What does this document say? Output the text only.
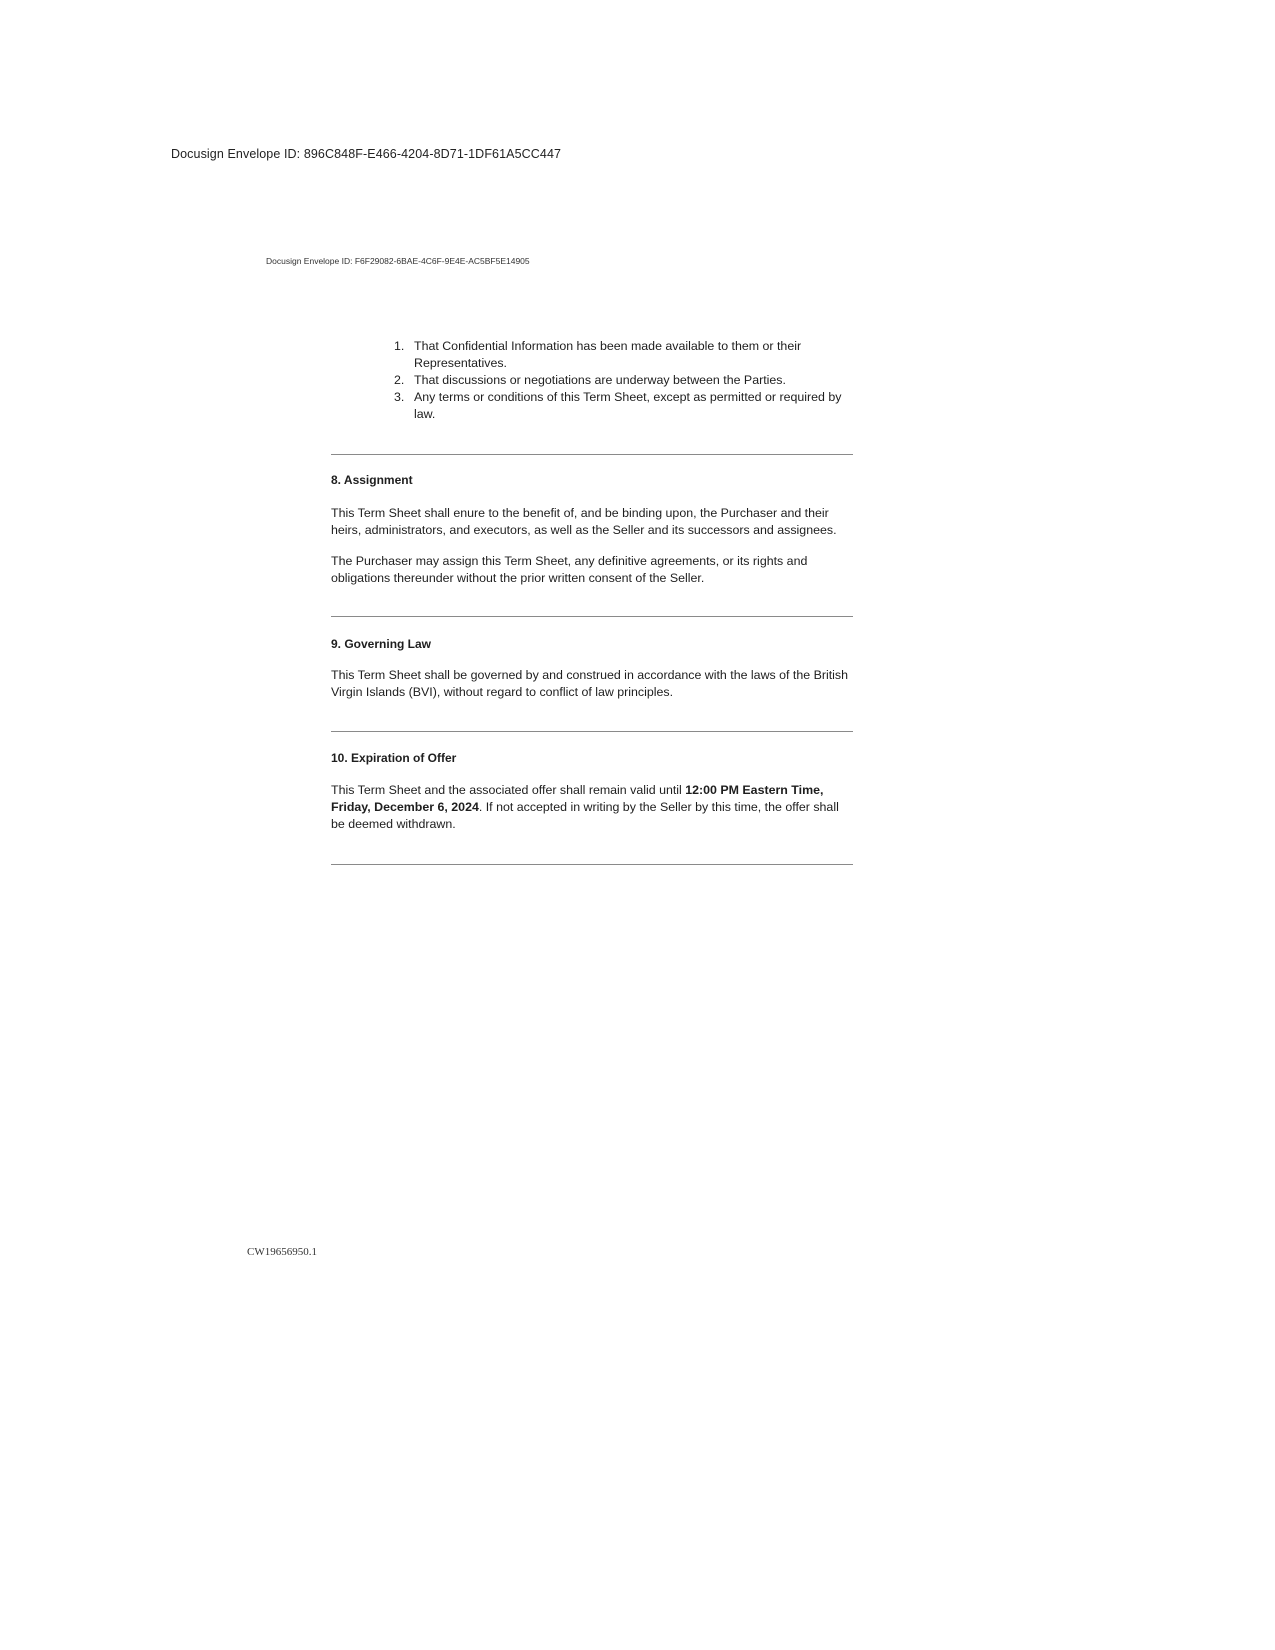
Docusign Envelope ID: 896C848F-E466-4204-8D71-1DF61A5CC447
Docusign Envelope ID: F6F29082-6BAE-4C6F-9E4E-AC5BF5E14905
1. That Confidential Information has been made available to them or their Representatives.
2. That discussions or negotiations are underway between the Parties.
3. Any terms or conditions of this Term Sheet, except as permitted or required by law.

8. Assignment

This Term Sheet shall enure to the benefit of, and be binding upon, the Purchaser and their heirs, administrators, and executors, as well as the Seller and its successors and assignees.

The Purchaser may assign this Term Sheet, any definitive agreements, or its rights and obligations thereunder without the prior written consent of the Seller.

9. Governing Law

This Term Sheet shall be governed by and construed in accordance with the laws of the British Virgin Islands (BVI), without regard to conflict of law principles.

10. Expiration of Offer

This Term Sheet and the associated offer shall remain valid until 12:00 PM Eastern Time, Friday, December 6, 2024. If not accepted in writing by the Seller by this time, the offer shall be deemed withdrawn.

CW19656950.1
